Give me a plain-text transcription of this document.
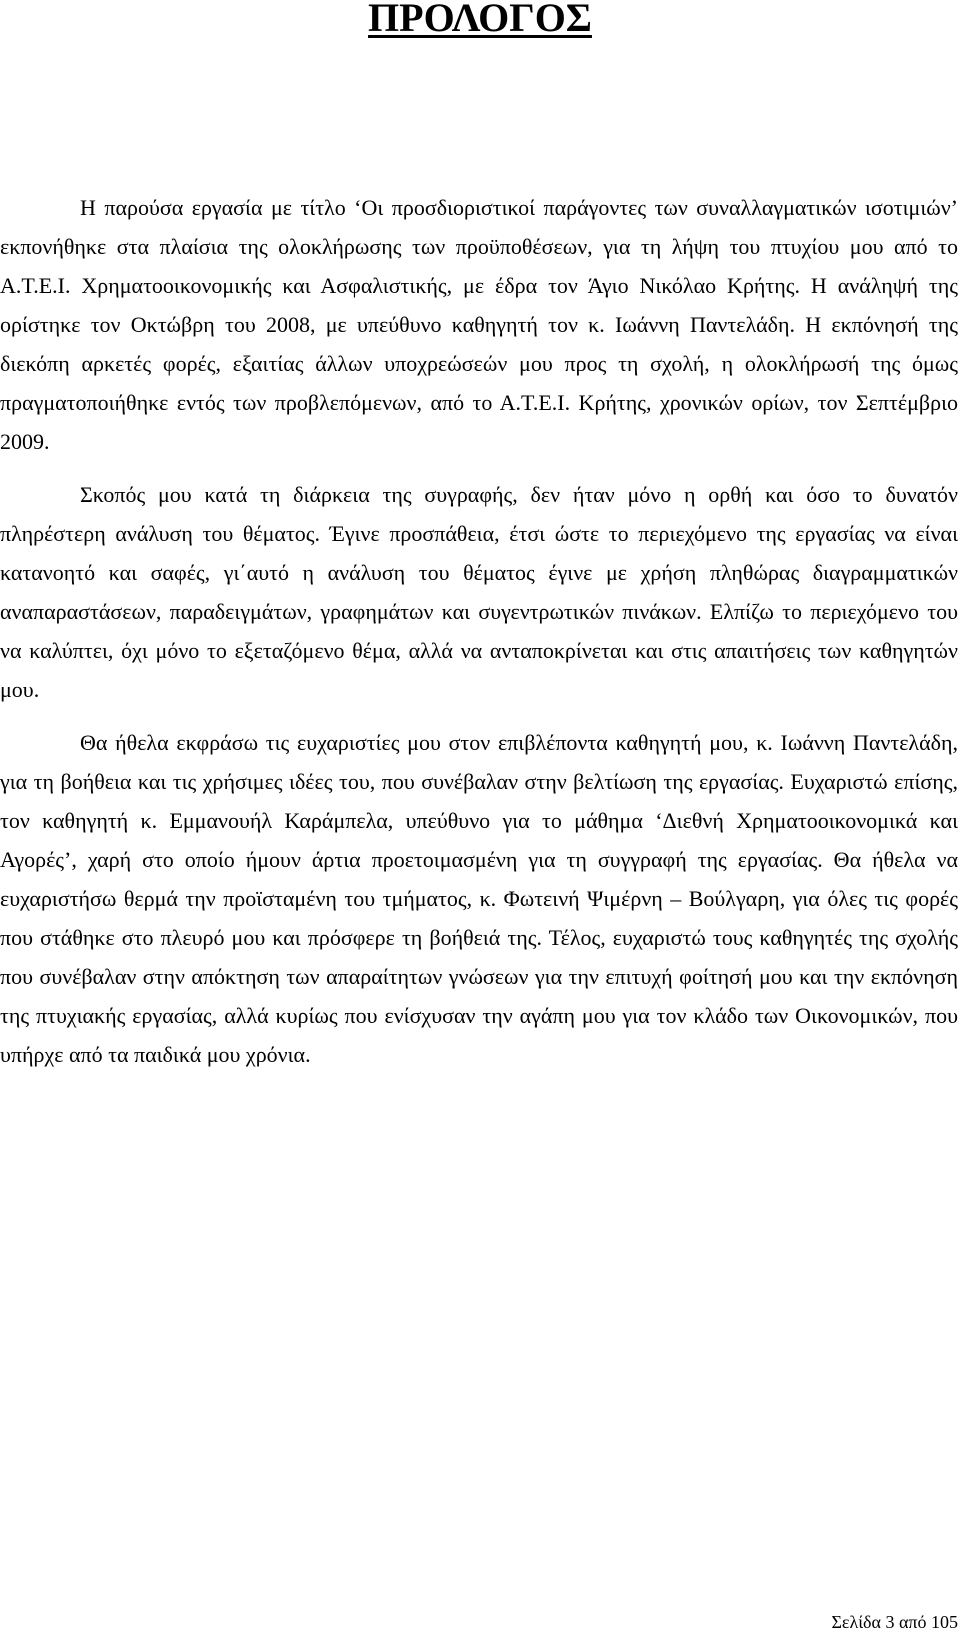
ΠΡΟΛΟΓΟΣ

Η παρούσα εργασία με τίτλο ‘Οι προσδιοριστικοί παράγοντες των συναλλαγματικών ισοτιμιών’ εκπονήθηκε στα πλαίσια της ολοκλήρωσης των προϋποθέσεων, για τη λήψη του πτυχίου μου από το Α.Τ.Ε.Ι. Χρηματοοικονομικής και Ασφαλιστικής, με έδρα τον Άγιο Νικόλαο Κρήτης. Η ανάληψή της ορίστηκε τον Οκτώβρη του 2008, με υπεύθυνο καθηγητή τον κ. Ιωάννη Παντελάδη. Η εκπόνησή της διεκόπη αρκετές φορές, εξαιτίας άλλων υποχρεώσεών μου προς τη σχολή, η ολοκλήρωσή της όμως πραγματοποιήθηκε εντός των προβλεπόμενων, από το Α.Τ.Ε.Ι. Κρήτης, χρονικών ορίων, τον Σεπτέμβριο 2009.

Σκοπός μου κατά τη διάρκεια της συγραφής, δεν ήταν μόνο η ορθή και όσο το δυνατόν πληρέστερη ανάλυση του θέματος. Έγινε προσπάθεια, έτσι ώστε το περιεχόμενο της εργασίας να είναι κατανοητό και σαφές, γι΄αυτό η ανάλυση του θέματος έγινε με χρήση πληθώρας διαγραμματικών αναπαραστάσεων, παραδειγμάτων, γραφημάτων και συγεντρωτικών πινάκων. Ελπίζω το περιεχόμενο του να καλύπτει, όχι μόνο το εξεταζόμενο θέμα, αλλά να ανταποκρίνεται και στις απαιτήσεις των καθηγητών μου.

Θα ήθελα εκφράσω τις ευχαριστίες μου στον επιβλέποντα καθηγητή μου, κ. Ιωάννη Παντελάδη, για τη βοήθεια και τις χρήσιμες ιδέες του, που συνέβαλαν στην βελτίωση της εργασίας. Ευχαριστώ επίσης, τον καθηγητή κ. Εμμανουήλ Καράμπελα, υπεύθυνο για το μάθημα ‘Διεθνή Χρηματοοικονομικά και Αγορές’, χαρή στο οποίο ήμουν άρτια προετοιμασμένη για τη συγγραφή της εργασίας. Θα ήθελα να ευχαριστήσω θερμά την προϊσταμένη του τμήματος, κ. Φωτεινή Ψιμέρνη – Βούλγαρη, για όλες τις φορές που στάθηκε στο πλευρό μου και πρόσφερε τη βοήθειά της. Τέλος, ευχαριστώ τους καθηγητές της σχολής που συνέβαλαν στην απόκτηση των απαραίτητων γνώσεων για την επιτυχή φοίτησή μου και την εκπόνηση της πτυχιακής εργασίας, αλλά κυρίως που ενίσχυσαν την αγάπη μου για τον κλάδο των Οικονομικών, που υπήρχε από τα παιδικά μου χρόνια.

Σελίδα 3 από 105
